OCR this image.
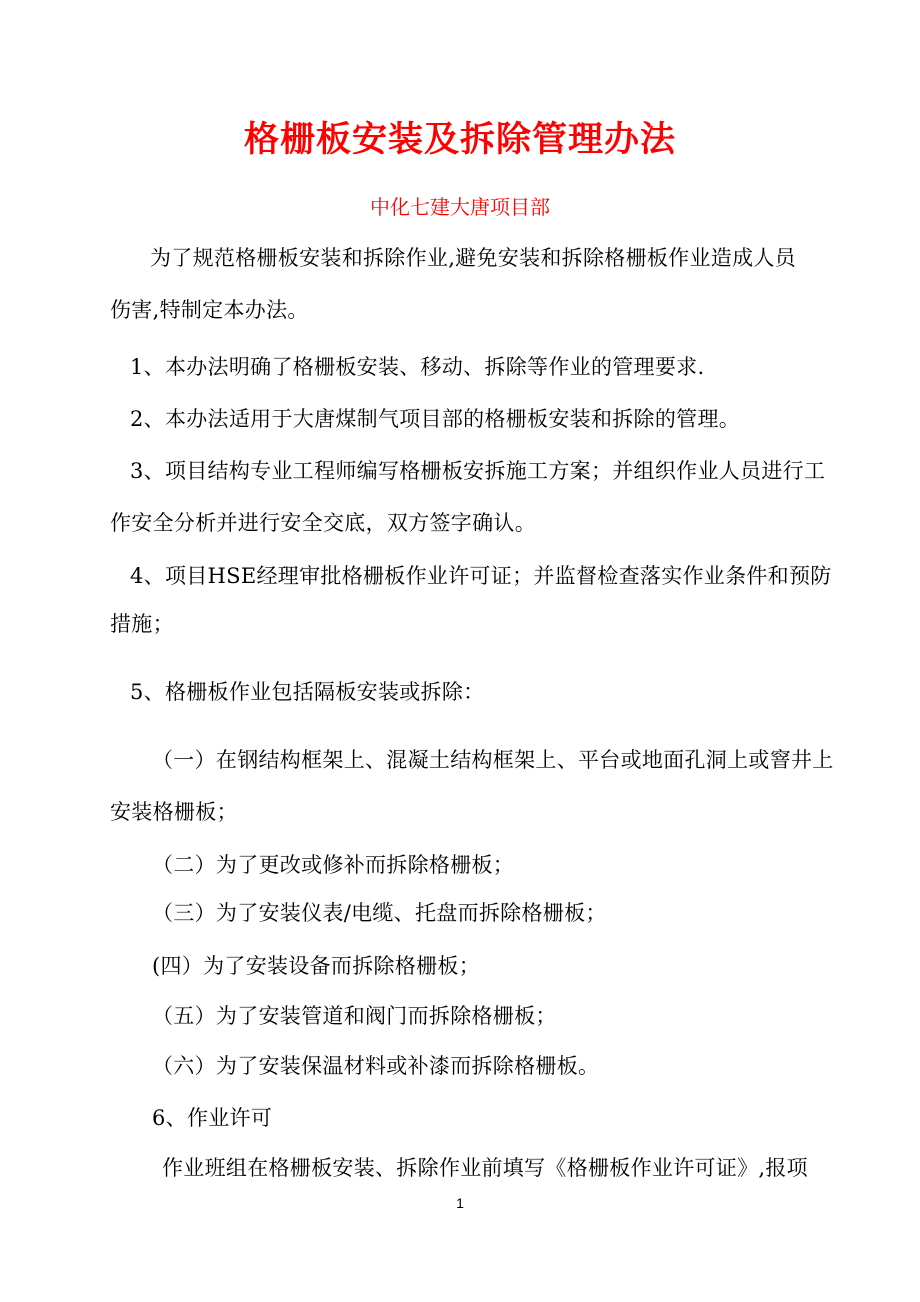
格栅板安装及拆除管理办法
中化七建大唐项目部
为了规范格栅板安装和拆除作业,避免安装和拆除格栅板作业造成人员
伤害,特制定本办法。
1、本办法明确了格栅板安装、移动、拆除等作业的管理要求.
2、本办法适用于大唐煤制气项目部的格栅板安装和拆除的管理。
3、项目结构专业工程师编写格栅板安拆施工方案；并组织作业人员进行工
作安全分析并进行安全交底，双方签字确认。
4、项目HSE经理审批格栅板作业许可证；并监督检查落实作业条件和预防
措施；
5、格栅板作业包括隔板安装或拆除：
（一）在钢结构框架上、混凝土结构框架上、平台或地面孔洞上或窨井上
安装格栅板；
（二）为了更改或修补而拆除格栅板；
（三）为了安装仪表/电缆、托盘而拆除格栅板；
(四）为了安装设备而拆除格栅板；
（五）为了安装管道和阀门而拆除格栅板；
（六）为了安装保温材料或补漆而拆除格栅板。
6、作业许可
作业班组在格栅板安装、拆除作业前填写《格栅板作业许可证》,报项
1
